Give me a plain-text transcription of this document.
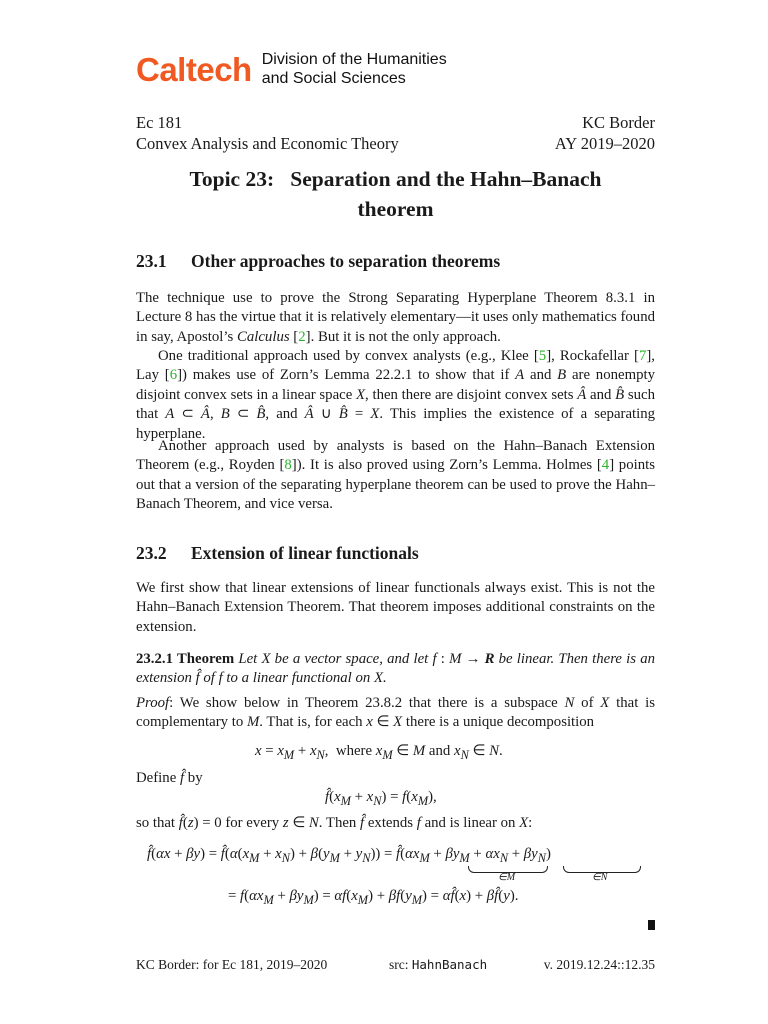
Caltech Division of the Humanities
and Social Sciences
Ec 181
Convex Analysis and Economic Theory
KC Border
AY 2019–2020
Topic 23:   Separation and the Hahn–Banach
theorem
23.1 Other approaches to separation theorems
The technique use to prove the Strong Separating Hyperplane Theorem 8.3.1 in Lecture 8 has the virtue that it is relatively elementary—it uses only mathematics found in say, Apostol’s Calculus [2]. But it is not the only approach.
One traditional approach used by convex analysts (e.g., Klee [5], Rockafellar [7], Lay [6]) makes use of Zorn’s Lemma 22.2.1 to show that if A and B are nonempty disjoint convex sets in a linear space X, then there are disjoint convex sets Â and B̂ such that A ⊂ Â, B ⊂ B̂, and Â ∪ B̂ = X. This implies the existence of a separating hyperplane.
Another approach used by analysts is based on the Hahn–Banach Extension Theorem (e.g., Royden [8]). It is also proved using Zorn’s Lemma. Holmes [4] points out that a version of the separating hyperplane theorem can be used to prove the Hahn–Banach Theorem, and vice versa.
23.2 Extension of linear functionals
We first show that linear extensions of linear functionals always exist. This is not the Hahn–Banach Extension Theorem. That theorem imposes additional constraints on the extension.
23.2.1 Theorem Let X be a vector space, and let f : M → R be linear. Then there is an extension f̂ of f to a linear functional on X.
Proof: We show below in Theorem 23.8.2 that there is a subspace N of X that is complementary to M. That is, for each x ∈ X there is a unique decomposition
$x = x_M + x_N$,  where $x_M$ ∈ M and $x_N$ ∈ N.
Define f̂ by
$f̂(x_M + x_N) = f(x_M)$,
so that f̂(z) = 0 for every z ∈ N. Then f̂ extends f and is linear on X:
f̂(αx + $\beta y) = f̂(\alpha(x_M + x_N) + \beta(y_M + y_N))$ = $f̂(\alpha x_M + \beta y_M + \alpha x_N + \beta y_N)$
∈M	∈N
= $f(\alpha x_M + \beta y_M) = \alpha f(x_M) + \beta f(y_M)$ = αf̂(x) + βf̂(y).
KC Border: for Ec 181, 2019–2020	src: HahnBanach	v. 2019.12.24::12.35
